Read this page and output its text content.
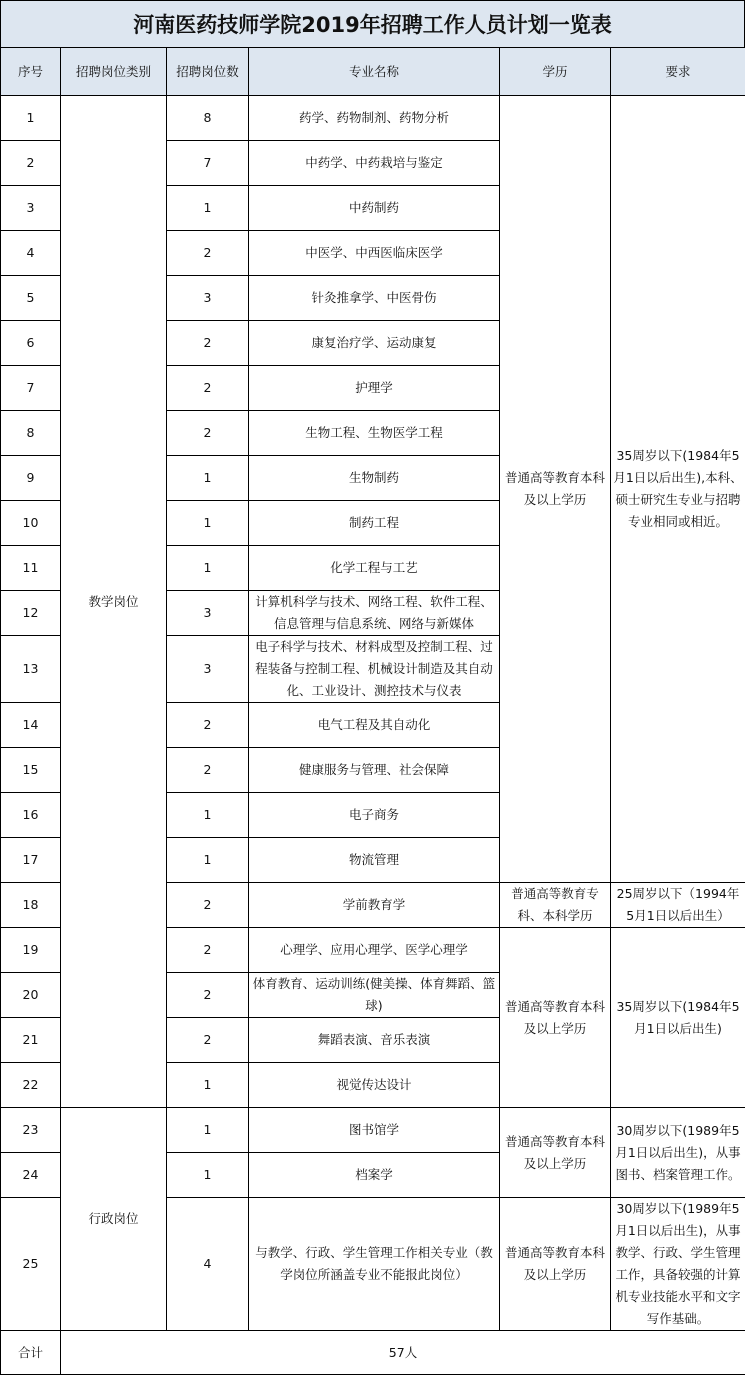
河南医药技师学院2019年招聘工作人员计划一览表
序号	招聘岗位类别	招聘岗位数	专业名称	学历	要求
1	教学岗位	8	药学、药物制剂、药物分析	普通高等教育本科及以上学历	35周岁以下(1984年5月1日以后出生),本科、硕士研究生专业与招聘专业相同或相近。
2		7	中药学、中药栽培与鉴定		
3		1	中药制药		
4		2	中医学、中西医临床医学		
5		3	针灸推拿学、中医骨伤		
6		2	康复治疗学、运动康复		
7		2	护理学		
8		2	生物工程、生物医学工程		
9		1	生物制药		
10		1	制药工程		
11		1	化学工程与工艺		
12		3	计算机科学与技术、网络工程、软件工程、信息管理与信息系统、网络与新媒体		
13		3	电子科学与技术、材料成型及控制工程、过程装备与控制工程、机械设计制造及其自动化、工业设计、测控技术与仪表		
14		2	电气工程及其自动化		
15		2	健康服务与管理、社会保障		
16		1	电子商务		
17		1	物流管理		
18		2	学前教育学	普通高等教育专科、本科学历	25周岁以下（1994年5月1日以后出生）
19		2	心理学、应用心理学、医学心理学	普通高等教育本科及以上学历	35周岁以下(1984年5月1日以后出生)
20		2	体育教育、运动训练(健美操、体育舞蹈、篮球)		
21		2	舞蹈表演、音乐表演		
22		1	视觉传达设计		
23	行政岗位	1	图书馆学	普通高等教育本科及以上学历	30周岁以下(1989年5月1日以后出生)，从事图书、档案管理工作。
24		1	档案学		
25		4	与教学、行政、学生管理工作相关专业（教学岗位所涵盖专业不能报此岗位）	普通高等教育本科及以上学历	30周岁以下(1989年5月1日以后出生)，从事教学、行政、学生管理工作，具备较强的计算机专业技能水平和文字写作基础。
合计	57人				
